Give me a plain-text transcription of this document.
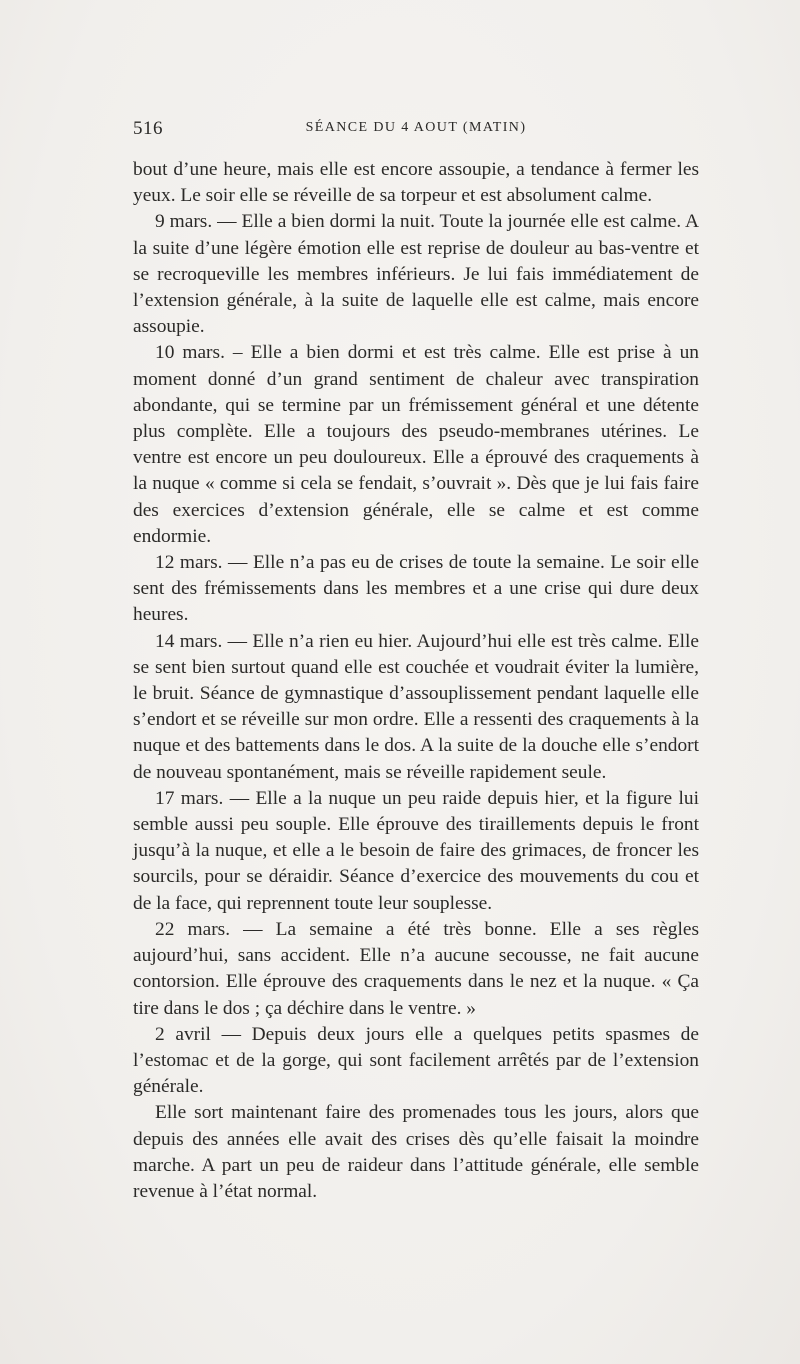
516	SÉANCE DU 4 AOUT (MATIN)

bout d’une heure, mais elle est encore assoupie, a tendance à fermer les yeux. Le soir elle se réveille de sa torpeur et est absolument calme.

9 mars. — Elle a bien dormi la nuit. Toute la journée elle est calme. A la suite d’une légère émotion elle est reprise de douleur au bas-ventre et se recroqueville les membres inférieurs. Je lui fais immédiatement de l’extension générale, à la suite de laquelle elle est calme, mais encore assoupie.

10 mars. – Elle a bien dormi et est très calme. Elle est prise à un moment donné d’un grand sentiment de chaleur avec transpiration abondante, qui se termine par un frémissement général et une détente plus complète. Elle a toujours des pseudo-membranes utérines. Le ventre est encore un peu douloureux. Elle a éprouvé des craquements à la nuque « comme si cela se fendait, s’ouvrait ». Dès que je lui fais faire des exercices d’extension générale, elle se calme et est comme endormie.

12 mars. — Elle n’a pas eu de crises de toute la semaine. Le soir elle sent des frémissements dans les membres et a une crise qui dure deux heures.

14 mars. — Elle n’a rien eu hier. Aujourd’hui elle est très calme. Elle se sent bien surtout quand elle est couchée et voudrait éviter la lumière, le bruit. Séance de gymnastique d’assouplissement pendant laquelle elle s’endort et se réveille sur mon ordre. Elle a ressenti des craquements à la nuque et des battements dans le dos. A la suite de la douche elle s’endort de nouveau spontanément, mais se réveille rapidement seule.

17 mars. — Elle a la nuque un peu raide depuis hier, et la figure lui semble aussi peu souple. Elle éprouve des tiraillements depuis le front jusqu’à la nuque, et elle a le besoin de faire des grimaces, de froncer les sourcils, pour se déraidir. Séance d’exercice des mouvements du cou et de la face, qui reprennent toute leur souplesse.

22 mars. — La semaine a été très bonne. Elle a ses règles aujourd’hui, sans accident. Elle n’a aucune secousse, ne fait aucune contorsion. Elle éprouve des craquements dans le nez et la nuque. « Ça tire dans le dos ; ça déchire dans le ventre. »

2 avril — Depuis deux jours elle a quelques petits spasmes de l’estomac et de la gorge, qui sont facilement arrêtés par de l’extension générale.

Elle sort maintenant faire des promenades tous les jours, alors que depuis des années elle avait des crises dès qu’elle faisait la moindre marche. A part un peu de raideur dans l’attitude générale, elle semble revenue à l’état normal.
